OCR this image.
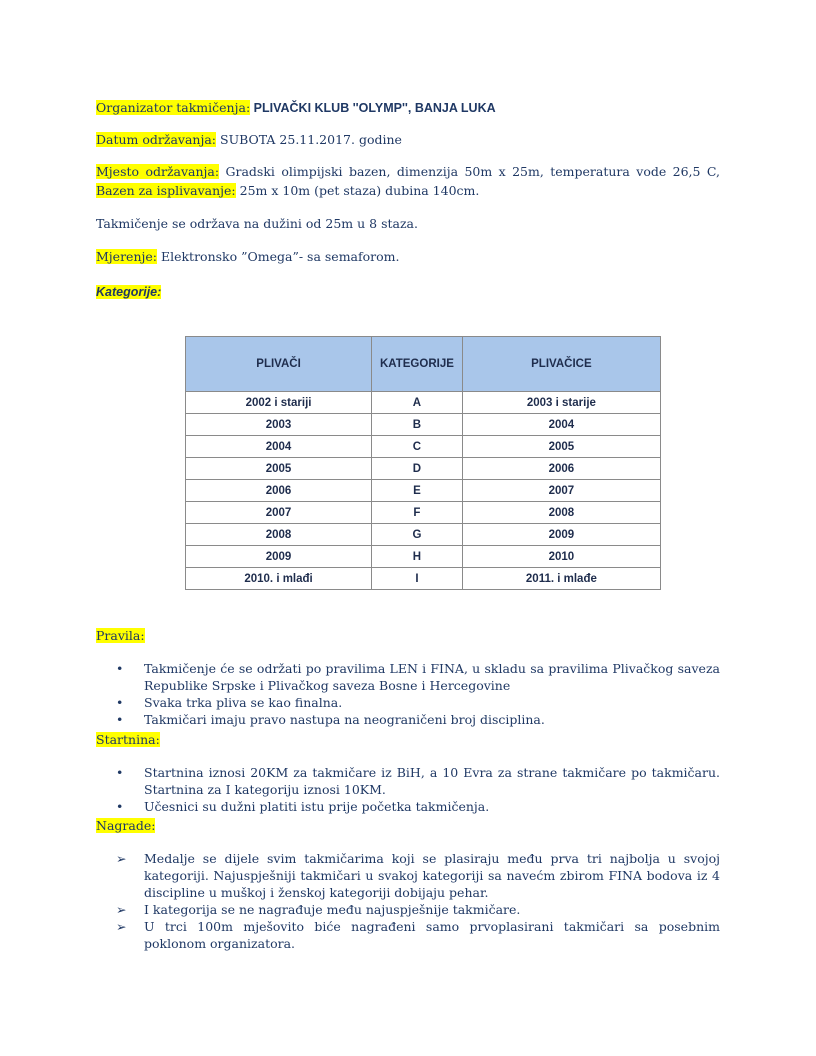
Organizator takmičenja: PLIVAČKI KLUB ''OLYMP'', BANJA LUKA

Datum održavanja: SUBOTA 25.11.2017. godine

Mjesto održavanja: Gradski olimpijski bazen, dimenzija 50m x 25m, temperatura vode 26,5 C, Bazen za isplivavanje: 25m x 10m (pet staza) dubina 140cm.

Takmičenje se održava na dužini od 25m u 8 staza.

Mjerenje: Elektronsko ”Omega”- sa semaforom.

Kategorije:

PLIVAČI	KATEGORIJE	PLIVAČICE
2002 i stariji	A	2003 i starije
2003	B	2004
2004	C	2005
2005	D	2006
2006	E	2007
2007	F	2008
2008	G	2009
2009	H	2010
2010. i mlađi	I	2011. i mlađe

Pravila:

• Takmičenje će se održati po pravilima LEN i FINA, u skladu sa pravilima Plivačkog saveza Republike Srpske i Plivačkog saveza Bosne i Hercegovine
• Svaka trka pliva se kao finalna.
• Takmičari imaju pravo nastupa na neograničeni broj disciplina.

Startnina:

• Startnina iznosi 20KM za takmičare iz BiH, a 10 Evra za strane takmičare po takmičaru. Startnina za I kategoriju iznosi 10KM.
• Učesnici su dužni platiti istu prije početka takmičenja.

Nagrade:

➢ Medalje se dijele svim takmičarima koji se plasiraju među prva tri najbolja u svojoj kategoriji. Najuspješniji takmičari u svakoj kategoriji sa navećm zbirom FINA bodova iz 4 discipline u muškoj i ženskoj kategoriji dobijaju pehar.
➢ I kategorija se ne nagrađuje među najuspješnije takmičare.
➢ U trci 100m mješovito biće nagrađeni samo prvoplasirani takmičari sa posebnim poklonom organizatora.
